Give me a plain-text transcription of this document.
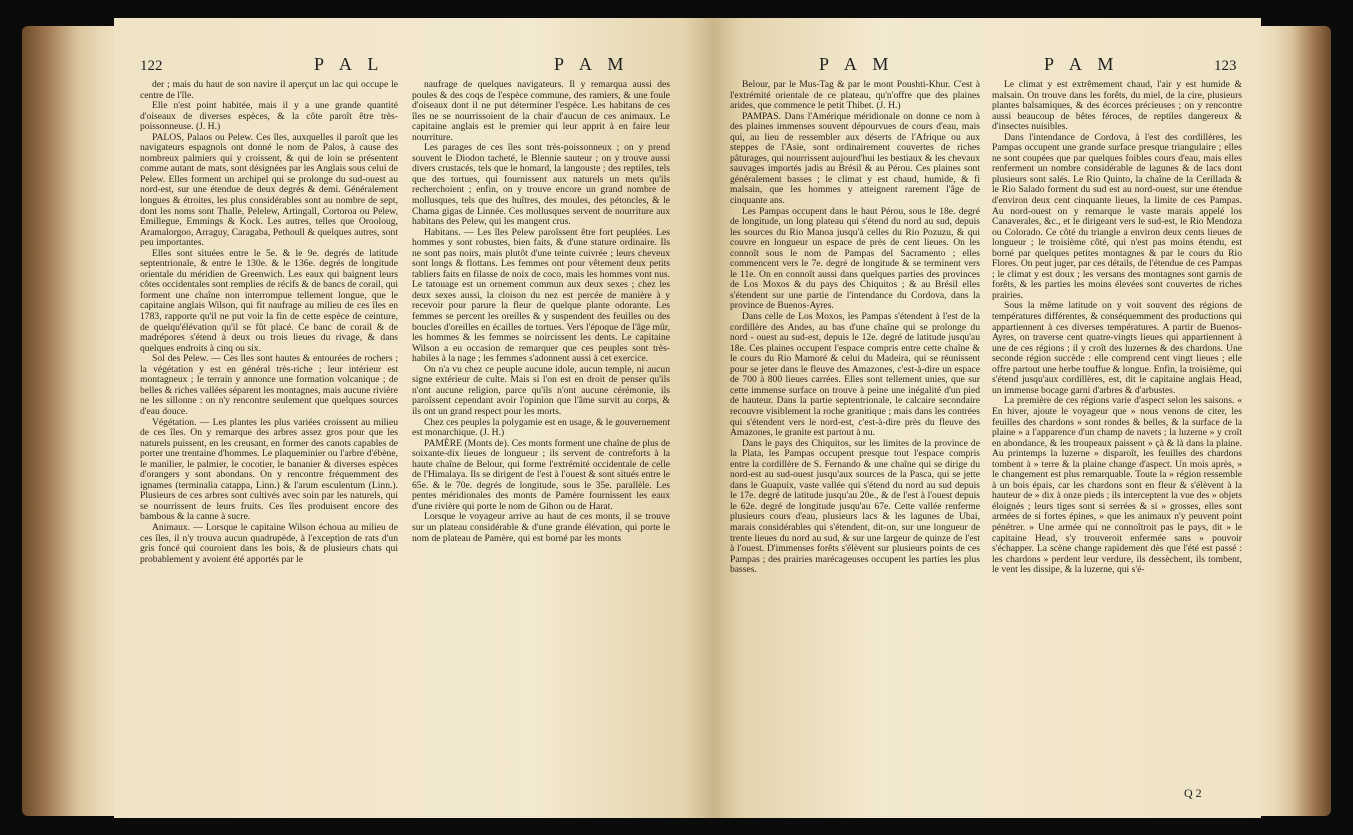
122	P A L	P A M

der ; mais du haut de son navire il aperçut un lac qui occupe le centre de l'île.

Elle n'est point habitée, mais il y a une grande quantité d'oiseaux de diverses espèces, & la côte paroît être très-poissonneuse. (J. H.)

PALOS, Palaos ou Pelew. Ces îles, auxquelles il paroît que les navigateurs espagnols ont donné le nom de Palos, à cause des nombreux palmiers qui y croissent, & qui de loin se présentent comme autant de mats, sont désignées par les Anglais sous celui de Pelew. Elles forment un archipel qui se prolonge du sud-ouest au nord-est, sur une étendue de deux degrés & demi. Généralement longues & étroites, les plus considérables sont au nombre de sept, dont les noms sont Thalle, Pelelew, Artingall, Cortoroa ou Pelew, Emillegue, Emmings & Kock. Les autres, telles que Orooloug, Aramalorgoo, Arraguy, Caragaba, Pethoull & quelques autres, sont peu importantes.

Elles sont situées entre le 5e. & le 9e. degrés de latitude septentrionale, & entre le 130e. & le 136e. degrés de longitude orientale du méridien de Greenwich. Les eaux qui baignent leurs côtes occidentales sont remplies de récifs & de bancs de corail, qui forment une chaîne non interrompue tellement longue, que le capitaine anglais Wilson, qui fit naufrage au milieu de ces îles en 1783, rapporte qu'il ne put voir la fin de cette espèce de ceinture, de quelqu'élévation qu'il se fût placé. Ce banc de corail & de madrépores s'étend à deux ou trois lieues du rivage, & dans quelques endroits à cinq ou six.

Sol des Pelew. — Ces îles sont hautes & entourées de rochers ; la végétation y est en général très-riche ; leur intérieur est montagneux ; le terrain y annonce une formation volcanique ; de belles & riches vallées séparent les montagnes, mais aucune rivière ne les sillonne : on n'y rencontre seulement que quelques sources d'eau douce.

Végétation. — Les plantes les plus variées croissent au milieu de ces îles. On y remarque des arbres assez gros pour que les naturels puissent, en les creusant, en former des canots capables de porter une trentaine d'hommes. Le plaqueminier ou l'arbre d'ébène, le manilier, le palmier, le cocotier, le bananier & diverses espèces d'orangers y sont abondans. On y rencontre fréquemment des ignames (terminalia catappa, Linn.) & l'arum esculentum (Linn.). Plusieurs de ces arbres sont cultivés avec soin par les naturels, qui se nourrissent de leurs fruits. Ces îles produisent encore des bambous & la canne à sucre.

Animaux. — Lorsque le capitaine Wilson échoua au milieu de ces îles, il n'y trouva aucun quadrupède, à l'exception de rats d'un gris foncé qui couroient dans les bois, & de plusieurs chats qui probablement y avoient été apportés par le

naufrage de quelques navigateurs. Il y remarqua aussi des poules & des coqs de l'espèce commune, des ramiers, & une foule d'oiseaux dont il ne put déterminer l'espèce. Les habitans de ces îles ne se nourrissoient de la chair d'aucun de ces animaux. Le capitaine anglais est le premier qui leur apprit à en faire leur nourriture.

Les parages de ces îles sont très-poissonneux ; on y prend souvent le Diodon tacheté, le Blennie sauteur ; on y trouve aussi divers crustacés, tels que le homard, la langouste ; des reptiles, tels que des tortues, qui fournissent aux naturels un mets qu'ils recherchoient ; enfin, on y trouve encore un grand nombre de mollusques, tels que des huîtres, des moules, des pétoncles, & le Chama gigas de Linnée. Ces mollusques servent de nourriture aux habitans des Pelew, qui les mangent crus.

Habitans. — Les îles Pelew paroîssent être fort peuplées. Les hommes y sont robustes, bien faits, & d'une stature ordinaire. Ils ne sont pas noirs, mais plutôt d'une teinte cuivrée ; leurs cheveux sont longs & flottans. Les femmes ont pour vêtement deux petits tabliers faits en filasse de noix de coco, mais les hommes vont nus. Le tatouage est un ornement commun aux deux sexes ; chez les deux sexes aussi, la cloison du nez est percée de manière à y recevoir pour parure la fleur de quelque plante odorante. Les femmes se percent les oreilles & y suspendent des feuilles ou des boucles d'oreilles en écailles de tortues. Vers l'époque de l'âge mûr, les hommes & les femmes se noircissent les dents. Le capitaine Wilson a eu occasion de remarquer que ces peuples sont très-habiles à la nage ; les femmes s'adonnent aussi à cet exercice.

On n'a vu chez ce peuple aucune idole, aucun temple, ni aucun signe extérieur de culte. Mais si l'on est en droit de penser qu'ils n'ont aucune religion, parce qu'ils n'ont aucune cérémonie, ils paroîssent cependant avoir l'opinion que l'âme survit au corps, & ils ont un grand respect pour les morts.

Chez ces peuples la polygamie est en usage, & le gouvernement est monarchique. (J. H.)

PAMÈRE (Monts de). Ces monts forment une chaîne de plus de soixante-dix lieues de longueur ; ils servent de contreforts à la haute chaîne de Belour, qui forme l'extrémité occidentale de celle de l'Himalaya. Ils se dirigent de l'est à l'ouest & sont situés entre le 65e. & le 70e. degrés de longitude, sous le 35e. parallèle. Les pentes méridionales des monts de Pamère fournissent les eaux d'une rivière qui porte le nom de Gihon ou de Harat.

Lorsque le voyageur arrive au haut de ces monts, il se trouve sur un plateau considérable & d'une grande élévation, qui porte le nom de plateau de Pamère, qui est borné par les monts

P A M	P A M	123

Belour, par le Mus-Tag & par le mont Poushti-Khur. C'est à l'extrémité orientale de ce plateau, qu'n'offre que des plaines arides, que commence le petit Thibet. (J. H.)

PAMPAS. Dans l'Amérique méridionale on donne ce nom à des plaines immenses souvent dépourvues de cours d'eau, mais qui, au lieu de ressembler aux déserts de l'Afrique ou aux steppes de l'Asie, sont ordinairement couvertes de riches pâturages, qui nourrissent aujourd'hui les bestiaux & les chevaux sauvages importés jadis au Brésil & au Pérou. Ces plaines sont généralement basses ; le climat y est chaud, humide, & fi malsain, que les hommes y atteignent rarement l'âge de cinquante ans.

Les Pampas occupent dans le haut Pérou, sous le 18e. degré de longitude, un long plateau qui s'étend du nord au sud, depuis les sources du Rio Manoa jusqu'à celles du Rio Pozuzu, & qui couvre en longueur un espace de près de cent lieues. On les connoît sous le nom de Pampas del Sacramento ; elles commencent vers le 7e. degré de longitude & se terminent vers le 11e. On en connoît aussi dans quelques parties des provinces de Los Moxos & du pays des Chiquitos ; & au Brésil elles s'étendent sur une partie de l'intendance du Cordova, dans la province de Buenos-Ayres.

Dans celle de Los Moxos, les Pampas s'étendent à l'est de la cordillère des Andes, au bas d'une chaîne qui se prolonge du nord - ouest au sud-est, depuis le 12e. degré de latitude jusqu'au 18e. Ces plaines occupent l'espace compris entre cette chaîne & le cours du Rio Mamoré & celui du Madeira, qui se réunissent pour se jeter dans le fleuve des Amazones, c'est-à-dire un espace de 700 à 800 lieues carrées. Elles sont tellement unies, que sur cette immense surface on trouve à peine une inégalité d'un pied de hauteur. Dans la partie septentrionale, le calcaire secondaire recouvre visiblement la roche granitique ; mais dans les contrées qui s'étendent vers le nord-est, c'est-à-dire près du fleuve des Amazones, le granite est partout à nu.

Dans le pays des Chiquitos, sur les limites de la province de la Plata, les Pampas occupent presque tout l'espace compris entre la cordillère de S. Fernando & une chaîne qui se dirige du nord-est au sud-ouest jusqu'aux sources de la Pasca, qui se jette dans le Guapuix, vaste vallée qui s'étend du nord au sud depuis le 17e. degré de latitude jusqu'au 20e., & de l'est à l'ouest depuis le 62e. degré de longitude jusqu'au 67e. Cette vallée renferme plusieurs cours d'eau, plusieurs lacs & les lagunes de Ubai, marais considérables qui s'étendent, dit-on, sur une longueur de trente lieues du nord au sud, & sur une largeur de quinze de l'est à l'ouest. D'immenses forêts s'élèvent sur plusieurs points de ces Pampas ; des prairies marécageuses occupent les parties les plus basses.

Le climat y est extrêmement chaud, l'air y est humide & malsain. On trouve dans les forêts, du miel, de la cire, plusieurs plantes balsamiques, & des écorces précieuses ; on y rencontre aussi beaucoup de bêtes féroces, de reptiles dangereux & d'insectes nuisibles.

Dans l'intendance de Cordova, à l'est des cordillères, les Pampas occupent une grande surface presque triangulaire ; elles ne sont coupées que par quelques foibles cours d'eau, mais elles renferment un nombre considérable de lagunes & de lacs dont plusieurs sont salés. Le Rio Quinto, la chaîne de la Cerillada & le Rio Salado forment du sud est au nord-ouest, sur une étendue d'environ deux cent cinquante lieues, la limite de ces Pampas. Au nord-ouest on y remarque le vaste marais appelé los Canaverales, &c., et le dirigeant vers le sud-est, le Rio Mendoza ou Colorado. Ce côté du triangle a environ deux cents lieues de longueur ; le troisième côté, qui n'est pas moins étendu, est borné par quelques petites montagnes & par le cours du Rio Flores. On peut juger, par ces détails, de l'étendue de ces Pampas ; le climat y est doux ; les versans des montagnes sont garnis de forêts, & les parties les moins élevées sont couvertes de riches prairies.

Sous la même latitude on y voit souvent des régions de températures différentes, & conséquemment des productions qui appartiennent à ces diverses températures. A partir de Buenos-Ayres, on traverse cent quatre-vingts lieues qui appartiennent à une de ces régions ; il y croît des luzernes & des chardons. Une seconde région succède : elle comprend cent vingt lieues ; elle offre partout une herbe touffue & longue. Enfin, la troisième, qui s'étend jusqu'aux cordillères, est, dit le capitaine anglais Head, un immense bocage garni d'arbres & d'arbustes.

La première de ces régions varie d'aspect selon les saisons. « En hiver, ajoute le voyageur que » nous venons de citer, les feuilles des chardons » sont rondes & belles, & la surface de la plaine » a l'apparence d'un champ de navets ; la luzerne » y croît en abondance, & les troupeaux paissent » çà & là dans la plaine. Au printemps la luzerne » disparoît, les feuilles des chardons tombent à » terre & la plaine change d'aspect. Un mois après, » le changement est plus remarquable. Toute la » région ressemble à un bois épais, car les chardons sont en fleur & s'élèvent à la hauteur de » dix à onze pieds ; ils interceptent la vue des » objets éloignés ; leurs tiges sont si serrées & si » grosses, elles sont armées de si fortes épines, » que les animaux n'y peuvent point pénétrer. » Une armée qui ne connoîtroit pas le pays, dit » le capitaine Head, s'y trouveroit enfermée sans » pouvoir s'échapper. La scène change rapidement dès que l'été est passé : les chardons » perdent leur verdure, ils dessèchent, ils tombent, le vent les dissipe, & la luzerne, qui s'é-

Q 2
